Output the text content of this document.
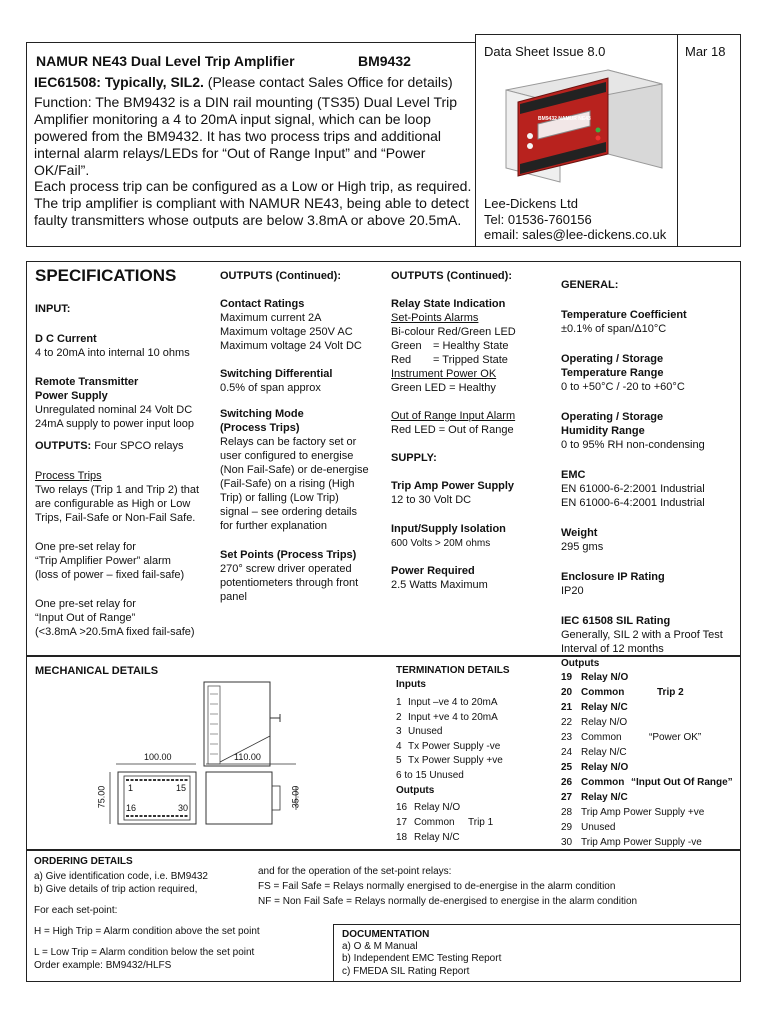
NAMUR NE43 Dual Level Trip Amplifier	BM9432
IEC61508: Typically, SIL2. (Please contact Sales Office for details)
Function: The BM9432 is a DIN rail mounting (TS35) Dual Level Trip Amplifier monitoring a 4 to 20mA input signal, which can be loop powered from the BM9432. It has two process trips and additional internal alarm relays/LEDs for “Out of Range Input” and “Power OK/Fail”.
Each process trip can be configured as a Low or High trip, as required. The trip amplifier is compliant with NAMUR NE43, being able to detect faulty transmitters whose outputs are below 3.8mA or above 20.5mA.
Data Sheet Issue 8.0	Mar 18
BM9432 NAMUR NE43
Lee-Dickens Ltd
Tel: 01536-760156
email: sales@lee-dickens.co.uk
SPECIFICATIONS
INPUT:
D C Current
4 to 20mA into internal 10 ohms
Remote Transmitter
Power Supply
Unregulated nominal 24 Volt DC
24mA supply to power input loop
OUTPUTS: Four SPCO relays
Process Trips
Two relays (Trip 1 and Trip 2) that
are configurable as High or Low
Trips, Fail-Safe or Non-Fail Safe.
One pre-set relay for
“Trip Amplifier Power” alarm
(loss of power – fixed fail-safe)
One pre-set relay for
“Input Out of Range”
(<3.8mA >20.5mA fixed fail-safe)
OUTPUTS (Continued):
Contact Ratings
Maximum current 2A
Maximum voltage 250V AC
Maximum voltage 24 Volt DC
Switching Differential
0.5% of span approx
Switching Mode
(Process Trips)
Relays can be factory set or
user configured to energise
(Non Fail-Safe) or de-energise
(Fail-Safe) on a rising (High
Trip) or falling (Low Trip)
signal – see ordering details
for further explanation
Set Points (Process Trips)
270° screw driver operated
potentiometers through front
panel
OUTPUTS (Continued):
Relay State Indication
Set-Points Alarms
Bi-colour Red/Green LED
Green = Healthy State
Red = Tripped State
Instrument Power OK
Green LED = Healthy
Out of Range Input Alarm
Red LED = Out of Range
SUPPLY:
Trip Amp Power Supply
12 to 30 Volt DC
Input/Supply Isolation
600 Volts > 20M ohms
Power Required
2.5 Watts Maximum
GENERAL:
Temperature Coefficient
±0.1% of span/Δ10°C
Operating / Storage
Temperature Range
0 to +50°C / -20 to +60°C
Operating / Storage
Humidity Range
0 to 95% RH non-condensing
EMC
EN 61000-6-2:2001 Industrial
EN 61000-6-4:2001 Industrial
Weight
295 gms
Enclosure IP Rating
IP20
IEC 61508 SIL Rating
Generally, SIL 2 with a Proof Test
Interval of 12 months
MECHANICAL DETAILS
100.00	110.00
75.00	35.00
1	15
16	30
TERMINATION DETAILS
Inputs
1 Input –ve 4 to 20mA
2 Input +ve 4 to 20mA
3 Unused
4 Tx Power Supply -ve
5 Tx Power Supply +ve
6 to 15 Unused
Outputs
16 Relay N/O
17 Common Trip 1
18 Relay N/C
Outputs
19 Relay N/O
20 Common	Trip 2
21 Relay N/C
22 Relay N/O
23 Common	“Power OK”
24 Relay N/C
25 Relay N/O
26 Common “Input Out Of Range”
27 Relay N/C
28 Trip Amp Power Supply +ve
29 Unused
30 Trip Amp Power Supply -ve
ORDERING DETAILS
a) Give identification code, i.e. BM9432
b) Give details of trip action required,
For each set-point:
H = High Trip = Alarm condition above the set point
L = Low Trip = Alarm condition below the set point
Order example: BM9432/HLFS
and for the operation of the set-point relays:
FS = Fail Safe = Relays normally energised to de-energise in the alarm condition
NF = Non Fail Safe = Relays normally de-energised to energise in the alarm condition
DOCUMENTATION
a) O & M Manual
b) Independent EMC Testing Report
c) FMEDA SIL Rating Report
